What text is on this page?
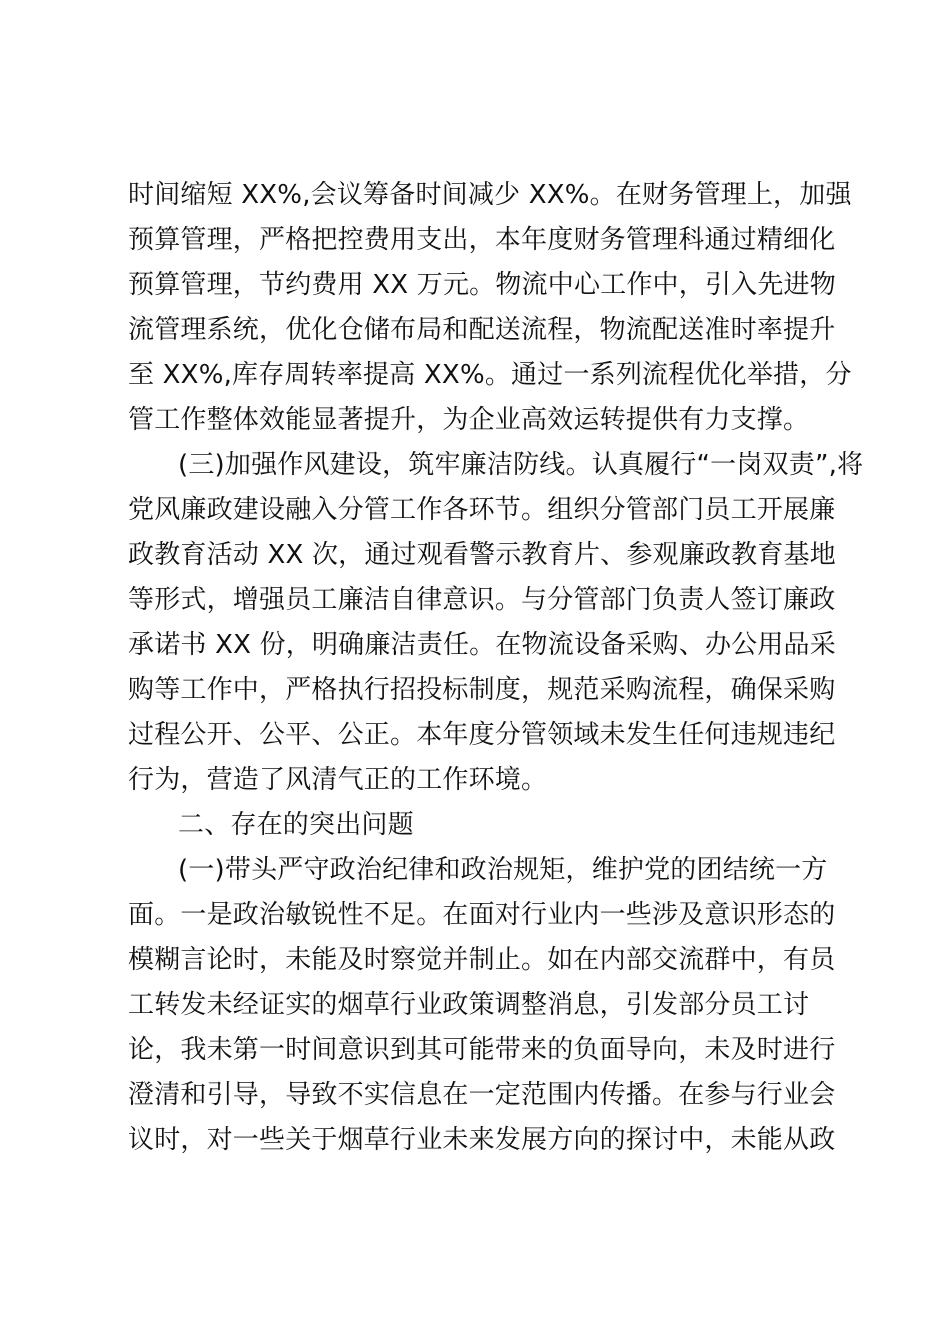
时间缩短 XX%,会议筹备时间减少 XX%。在财务管理上，加强
预算管理，严格把控费用支出，本年度财务管理科通过精细化
预算管理，节约费用 XX 万元。物流中心工作中，引入先进物
流管理系统，优化仓储布局和配送流程，物流配送准时率提升
至 XX%,库存周转率提高 XX%。通过一系列流程优化举措，分
管工作整体效能显著提升，为企业高效运转提供有力支撑。
(三)加强作风建设，筑牢廉洁防线。认真履行“一岗双责”,将
党风廉政建设融入分管工作各环节。组织分管部门员工开展廉
政教育活动 XX 次，通过观看警示教育片、参观廉政教育基地
等形式，增强员工廉洁自律意识。与分管部门负责人签订廉政
承诺书 XX 份，明确廉洁责任。在物流设备采购、办公用品采
购等工作中，严格执行招投标制度，规范采购流程，确保采购
过程公开、公平、公正。本年度分管领域未发生任何违规违纪
行为，营造了风清气正的工作环境。
二、存在的突出问题
(一)带头严守政治纪律和政治规矩，维护党的团结统一方
面。一是政治敏锐性不足。在面对行业内一些涉及意识形态的
模糊言论时，未能及时察觉并制止。如在内部交流群中，有员
工转发未经证实的烟草行业政策调整消息，引发部分员工讨
论，我未第一时间意识到其可能带来的负面导向，未及时进行
澄清和引导，导致不实信息在一定范围内传播。在参与行业会
议时，对一些关于烟草行业未来发展方向的探讨中，未能从政
